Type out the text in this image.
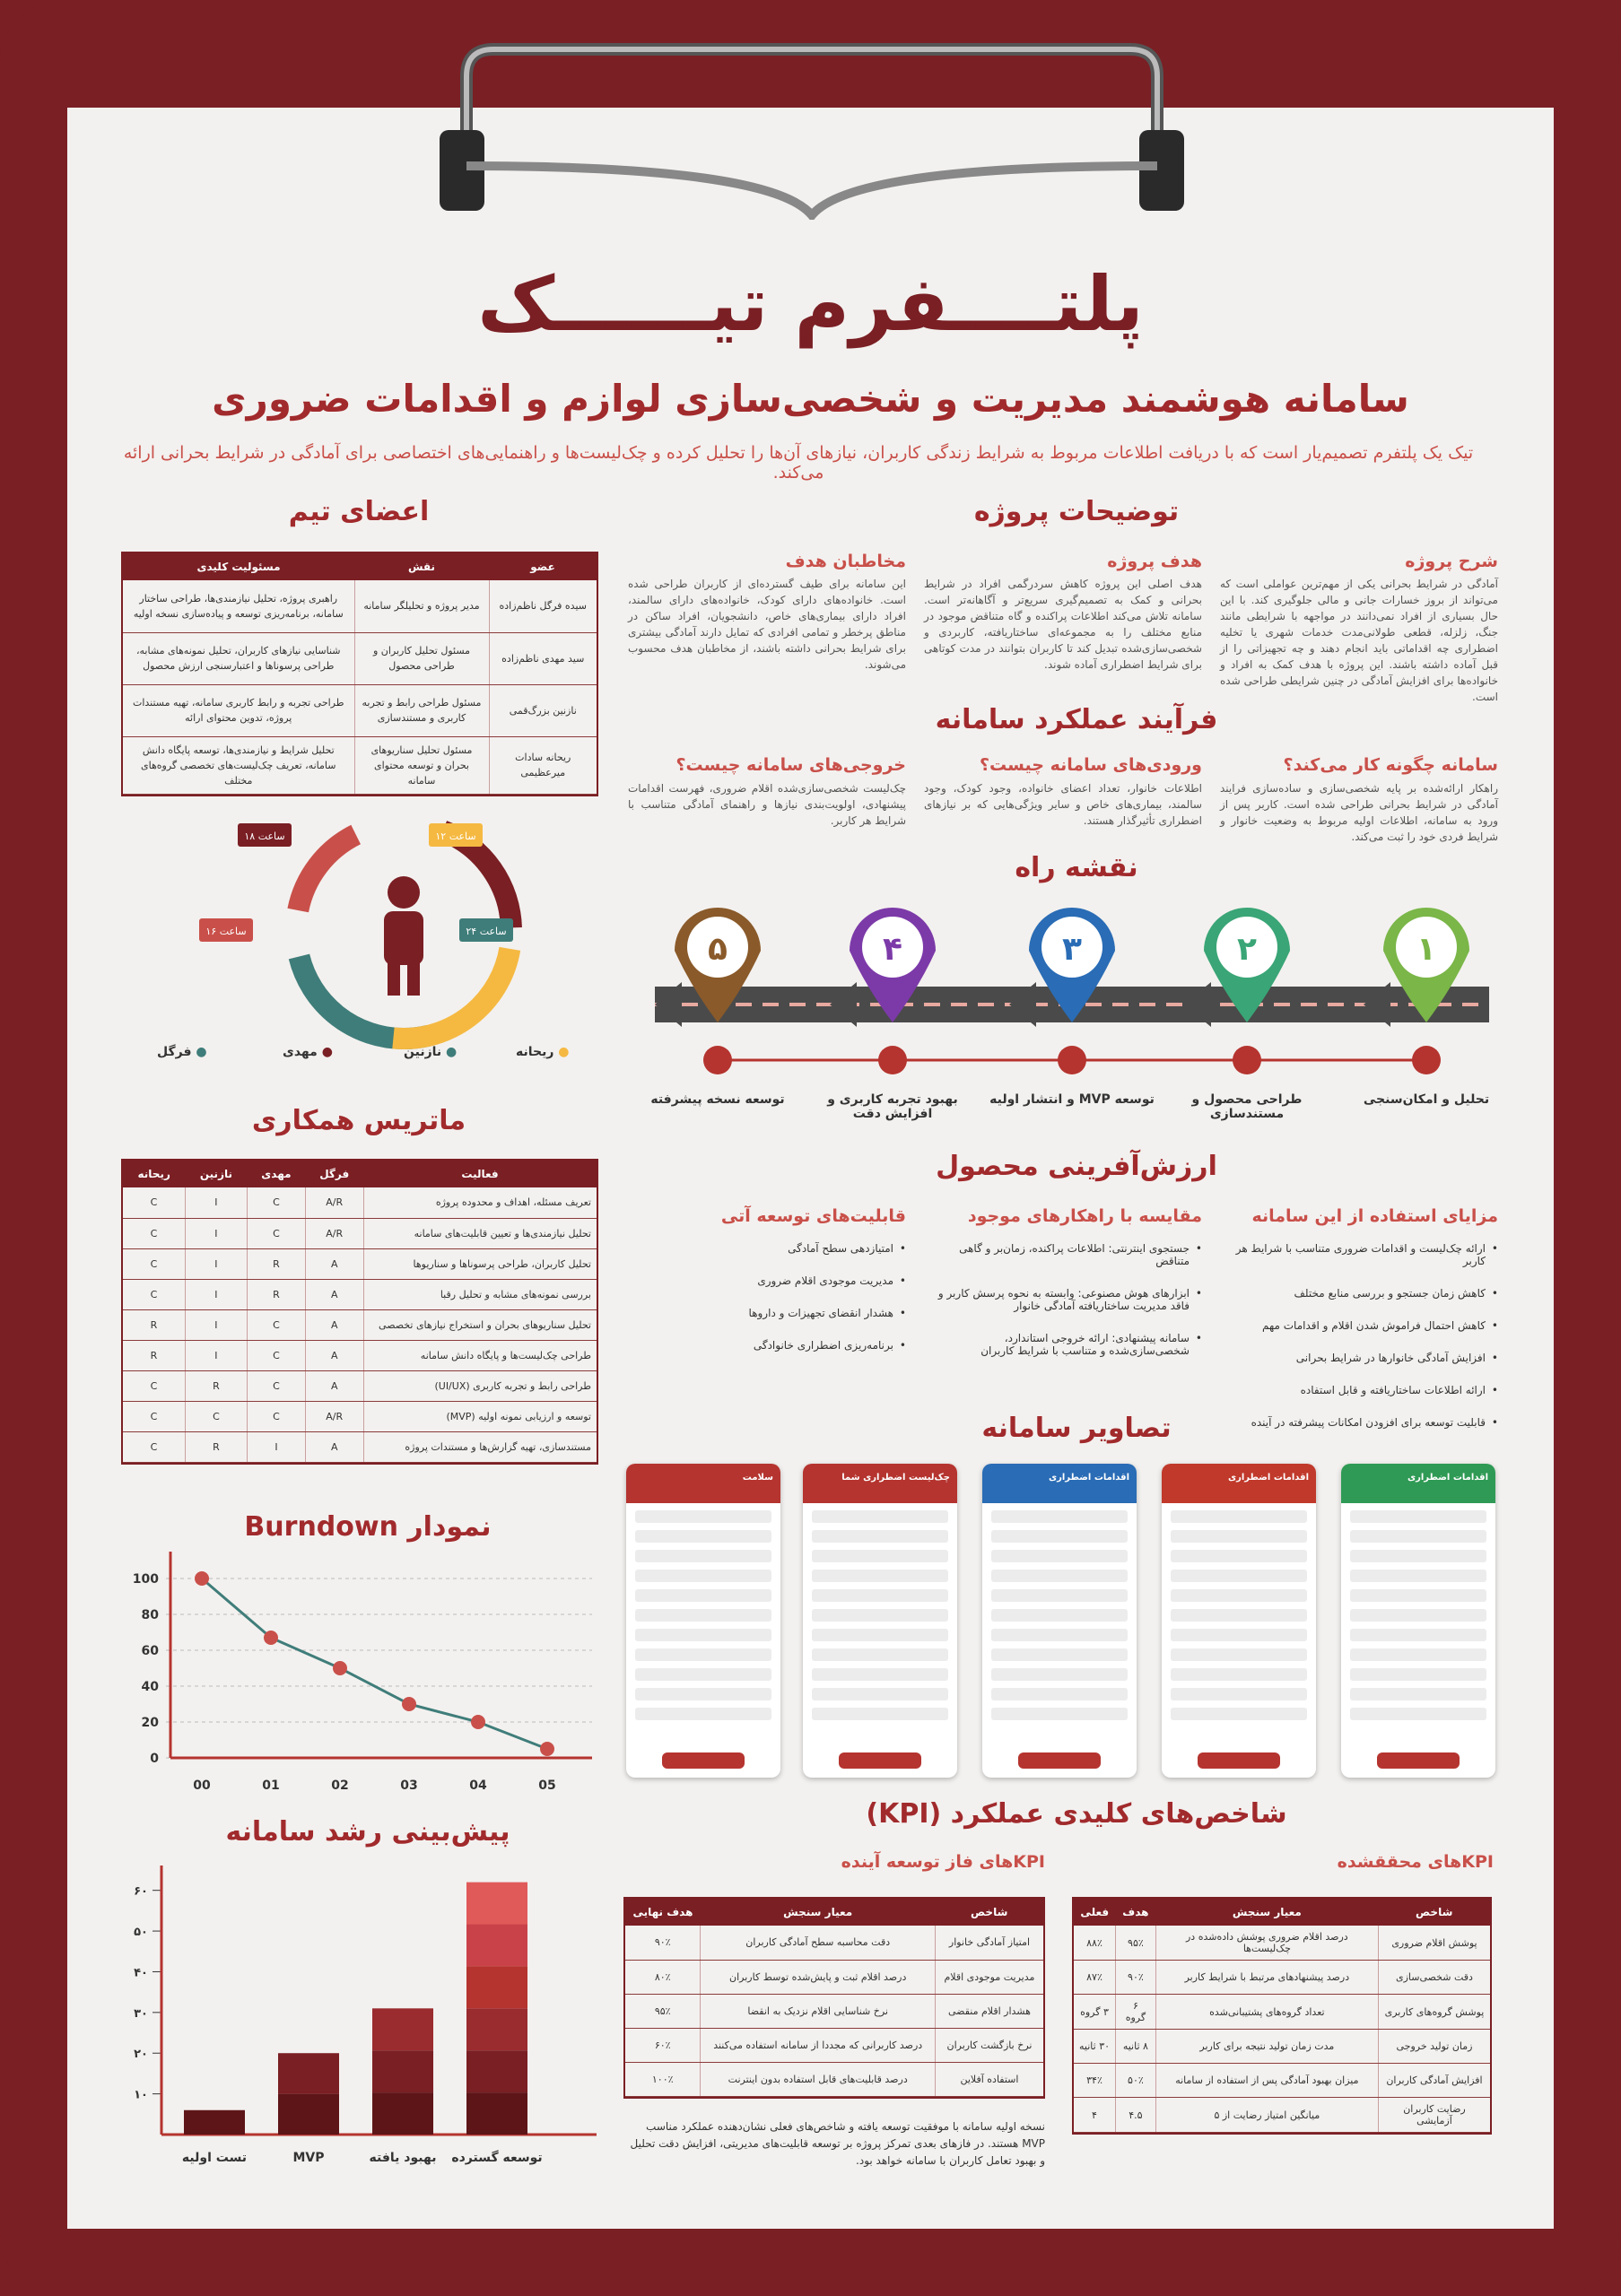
پلتــــفرم تیــــــک
سامانه هوشمند مدیریت و شخصی‌سازی لوازم و اقدامات ضروری
تیک یک پلتفرم تصمیم‌یار است که با دریافت اطلاعات مربوط به شرایط زندگی کاربران، نیازهای آن‌ها را تحلیل کرده و چک‌لیست‌ها و راهنمایی‌های اختصاصی برای آمادگی در شرایط بحرانی ارائه می‌کند.
اعضای تیم
عضو	نقش	مسئولیت کلیدی
سیده فرگل ناظم‌زاده	مدیر پروژه و تحلیلگر سامانه	راهبری پروژه، تحلیل نیازمندی‌ها، طراحی ساختار سامانه، برنامه‌ریزی توسعه و پیاده‌سازی نسخه اولیه
سید مهدی ناظم‌زاده	مسئول تحلیل کاربران و طراحی محصول	شناسایی نیازهای کاربران، تحلیل نمونه‌های مشابه، طراحی پرسونا‌ها و اعتبارسنجی ارزش محصول
نازنین بزرگ‌قمی	مسئول طراحی رابط و تجربه کاربری و مستندسازی	طراحی تجربه و رابط کاربری سامانه، تهیه مستندات پروژه، تدوین محتوای ارائه
ریحانه سادات میرعظیمی	مسئول تحلیل سناریوهای بحران و توسعه محتوای سامانه	تحلیل شرایط و نیازمندی‌ها، توسعه پایگاه دانش سامانه، تعریف چک‌لیست‌های تخصصی گروه‌های مختلف
۱۸ ساعت	۱۲ ساعت
۲۴ ساعت
۱۶ ساعت
● ریحانه
● نازنین
● مهدی
● فرگل
ماتریس همکاری
فعالیت	فرگل	مهدی	نازنین	ریحانه
تعریف مسئله، اهداف و محدوده پروژه	A/R	C	I	C
تحلیل نیازمندی‌ها و تعیین قابلیت‌های سامانه	A/R	C	I	C
تحلیل کاربران، طراحی پرسوناها و سناریوها	A	R	I	C
بررسی نمونه‌های مشابه و تحلیل رقبا	A	R	I	C
تحلیل سناریوهای بحران و استخراج نیازهای تخصصی	A	C	I	R
طراحی چک‌لیست‌ها و پایگاه دانش سامانه	A	C	I	R
طراحی رابط و تجربه کاربری (UI/UX)	A	C	R	C
توسعه و ارزیابی نمونه اولیه (MVP)	A/R	C	C	C
مستندسازی، تهیه گزارش‌ها و مستندات پروژه	A	I	R	C
نمودار Burndown
0
20
40
60
80
100
00	01	02	03	04	05
پیش‌بینی رشد سامانه
۱۰
۲۰
۳۰
۴۰
۵۰
۶۰
تست اولیه	MVP	بهبود یافته توسعه گسترده
توضیحات پروژه
شرح پروژه
آمادگی در شرایط بحرانی یکی از مهم‌ترین عواملی است که می‌تواند از بروز خسارات جانی و مالی جلوگیری کند. با این حال بسیاری از افراد نمی‌دانند در مواجهه با شرایطی مانند جنگ، زلزله، قطعی طولانی‌مدت خدمات شهری یا تخلیه اضطراری چه اقداماتی باید انجام دهند و چه تجهیزاتی را از قبل آماده داشته باشند. این پروژه با هدف کمک به افراد و خانواده‌ها برای افزایش آمادگی در چنین شرایطی طراحی شده است.
هدف پروژه
هدف اصلی این پروژه کاهش سردرگمی افراد در شرایط بحرانی و کمک به تصمیم‌گیری سریع‌تر و آگاهانه‌تر است. سامانه تلاش می‌کند اطلاعات پراکنده و گاه متناقض موجود در منابع مختلف را به مجموعه‌ای ساختاریافته، کاربردی و شخصی‌سازی‌شده تبدیل کند تا کاربران بتوانند در مدت کوتاهی برای شرایط اضطراری آماده شوند.
مخاطبان هدف
این سامانه برای طیف گسترده‌ای از کاربران طراحی شده است. خانواده‌های دارای کودک، خانواده‌های دارای سالمند، افراد دارای بیماری‌های خاص، دانشجویان، افراد ساکن در مناطق پرخطر و تمامی افرادی که تمایل دارند آمادگی بیشتری برای شرایط بحرانی داشته باشند، از مخاطبان هدف محسوب می‌شوند.
فرآیند عملکرد سامانه
سامانه چگونه کار می‌کند؟
راهکار ارائه‌شده بر پایه شخصی‌سازی و ساده‌سازی فرایند آمادگی در شرایط بحرانی طراحی شده است. کاربر پس از ورود به سامانه، اطلاعات اولیه مربوط به وضعیت خانوار و شرایط فردی خود را ثبت می‌کند.
ورودی‌های سامانه چیست؟
اطلاعات خانوار، تعداد اعضای خانواده، وجود کودک، وجود سالمند، بیماری‌های خاص و سایر ویژگی‌هایی که بر نیازهای اضطراری تأثیرگذار هستند.
خروجی‌های سامانه چیست؟
چک‌لیست شخصی‌سازی‌شده اقلام ضروری، فهرست اقدامات پیشنهادی، اولویت‌بندی نیازها و راهنمای آمادگی متناسب با شرایط هر کاربر.
نقشه راه
۱
۲
۳
۴
۵
تحلیل و امکان‌سنجی
طراحی محصول و مستندسازی
توسعه MVP و انتشار اولیه
بهبود تجربه کاربری و افزایش دقت
توسعه نسخه پیشرفته
ارزش‌آفرینی محصول
مزایای استفاده از این سامانه
• ارائه چک‌لیست و اقدامات ضروری متناسب با شرایط هر کاربر
• کاهش زمان جستجو و بررسی منابع مختلف
• کاهش احتمال فراموش شدن اقلام و اقدامات مهم
• افزایش آمادگی خانوارها در شرایط بحرانی
• ارائه اطلاعات ساختاریافته و قابل استفاده
• قابلیت توسعه برای افزودن امکانات پیشرفته در آینده
مقایسه با راهکارهای موجود
• جستجوی اینترنتی: اطلاعات پراکنده، زمان‌بر و گاهی متناقض
• ابزارهای هوش مصنوعی: وابسته به نحوه پرسش کاربر و فاقد مدیریت ساختاریافته آمادگی خانوار
• سامانه پیشنهادی: ارائه خروجی استاندارد، شخصی‌سازی‌شده و متناسب با شرایط کاربران
قابلیت‌های توسعه آتی
• امتیازدهی سطح آمادگی
• مدیریت موجودی اقلام ضروری
• هشدار انقضای تجهیزات و داروها
• برنامه‌ریزی اضطراری خانوادگی
تصاویر سامانه
اقدامات اضطراری
اقدامات اضطراری
اقدامات اضطراری
چک‌لیست اضطراری شما
سلامت
شاخص‌های کلیدی عملکرد (KPI)
KPIهای محققشده
شاخص	معیار سنجش	هدف	فعلی
پوشش اقلام ضروری	درصد اقلام ضروری پوشش داده‌شده در چک‌لیست‌ها	۹۵٪	۸۸٪
دقت شخصی‌سازی	درصد پیشنهادهای مرتبط با شرایط کاربر	۹۰٪	۸۷٪
پوشش گروه‌های کاربری	تعداد گروه‌های پشتیبانی‌شده	۶ گروه	۳ گروه
زمان تولید خروجی	مدت زمان تولید نتیجه برای کاربر	۸ ثانیه	۳۰ ثانیه
افزایش آمادگی کاربران	میزان بهبود آمادگی پس از استفاده از سامانه	۵۰٪	۳۴٪
رضایت کاربران آزمایشی	میانگین امتیاز رضایت از ۵	۴.۵	۴
KPIهای فاز توسعه آینده
شاخص	معیار سنجش	هدف نهایی
امتیاز آمادگی خانوار	دقت محاسبه سطح آمادگی کاربران	۹۰٪
مدیریت موجودی اقلام	درصد اقلام ثبت و پایش‌شده توسط کاربران	۸۰٪
هشدار اقلام منقضی	نرخ شناسایی اقلام نزدیک به انقضا	۹۵٪
نرخ بازگشت کاربران	درصد کاربرانی که مجددا از سامانه استفاده می‌کنند	۶۰٪
استفاده آفلاین	درصد قابلیت‌های قابل استفاده بدون اینترنت	۱۰۰٪
نسخه اولیه سامانه با موفقیت توسعه یافته و شاخص‌های فعلی نشان‌دهنده عملکرد مناسب MVP هستند. در فازهای بعدی تمرکز پروژه بر توسعه قابلیت‌های مدیریتی، افزایش دقت تحلیل و بهبود تعامل کاربران با سامانه خواهد بود.
